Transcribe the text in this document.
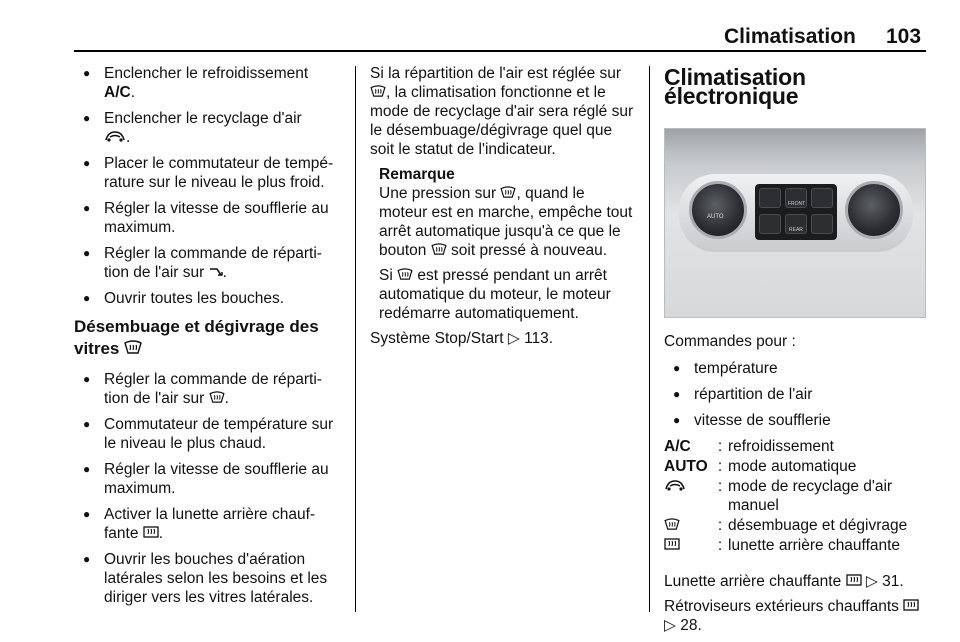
Climatisation 103
● Enclencher le refroidissement
A/C.
● Enclencher le recyclage d'air
.
● Placer le commutateur de tempé-rature sur le niveau le plus froid.
● Régler la vitesse de soufflerie au maximum.
● Régler la commande de réparti-tion de l'air sur .
● Ouvrir toutes les bouches.
Désembuage et dégivrage des vitres
● Régler la commande de réparti-tion de l'air sur .
● Commutateur de température sur le niveau le plus chaud.
● Régler la vitesse de soufflerie au maximum.
● Activer la lunette arrière chauf-fante .
● Ouvrir les bouches d'aération latérales selon les besoins et les diriger vers les vitres latérales.

Si la répartition de l'air est réglée sur , la climatisation fonctionne et le mode de recyclage d'air sera réglé sur le désembuage/dégivrage quel que soit le statut de l'indicateur.

Remarque

Une pression sur , quand le moteur est en marche, empêche tout arrêt automatique jusqu'à ce que le bouton soit pressé à nouveau.

Si est pressé pendant un arrêt automatique du moteur, le moteur redémarre automatiquement.

Système Stop/Start ▷ 113.

Climatisation électronique
AUTO
FRONT
REAR

Commandes pour :

● température
● répartition de l'air
● vitesse de soufflerie
A/C	:	refroidissement
AUTO	:	mode automatique
	:	mode de recyclage d'air manuel
	:	désembuage et dégivrage
	:	lunette arrière chauffante

Lunette arrière chauffante ▷ 31.

Rétroviseurs extérieurs chauffants
▷ 28.
